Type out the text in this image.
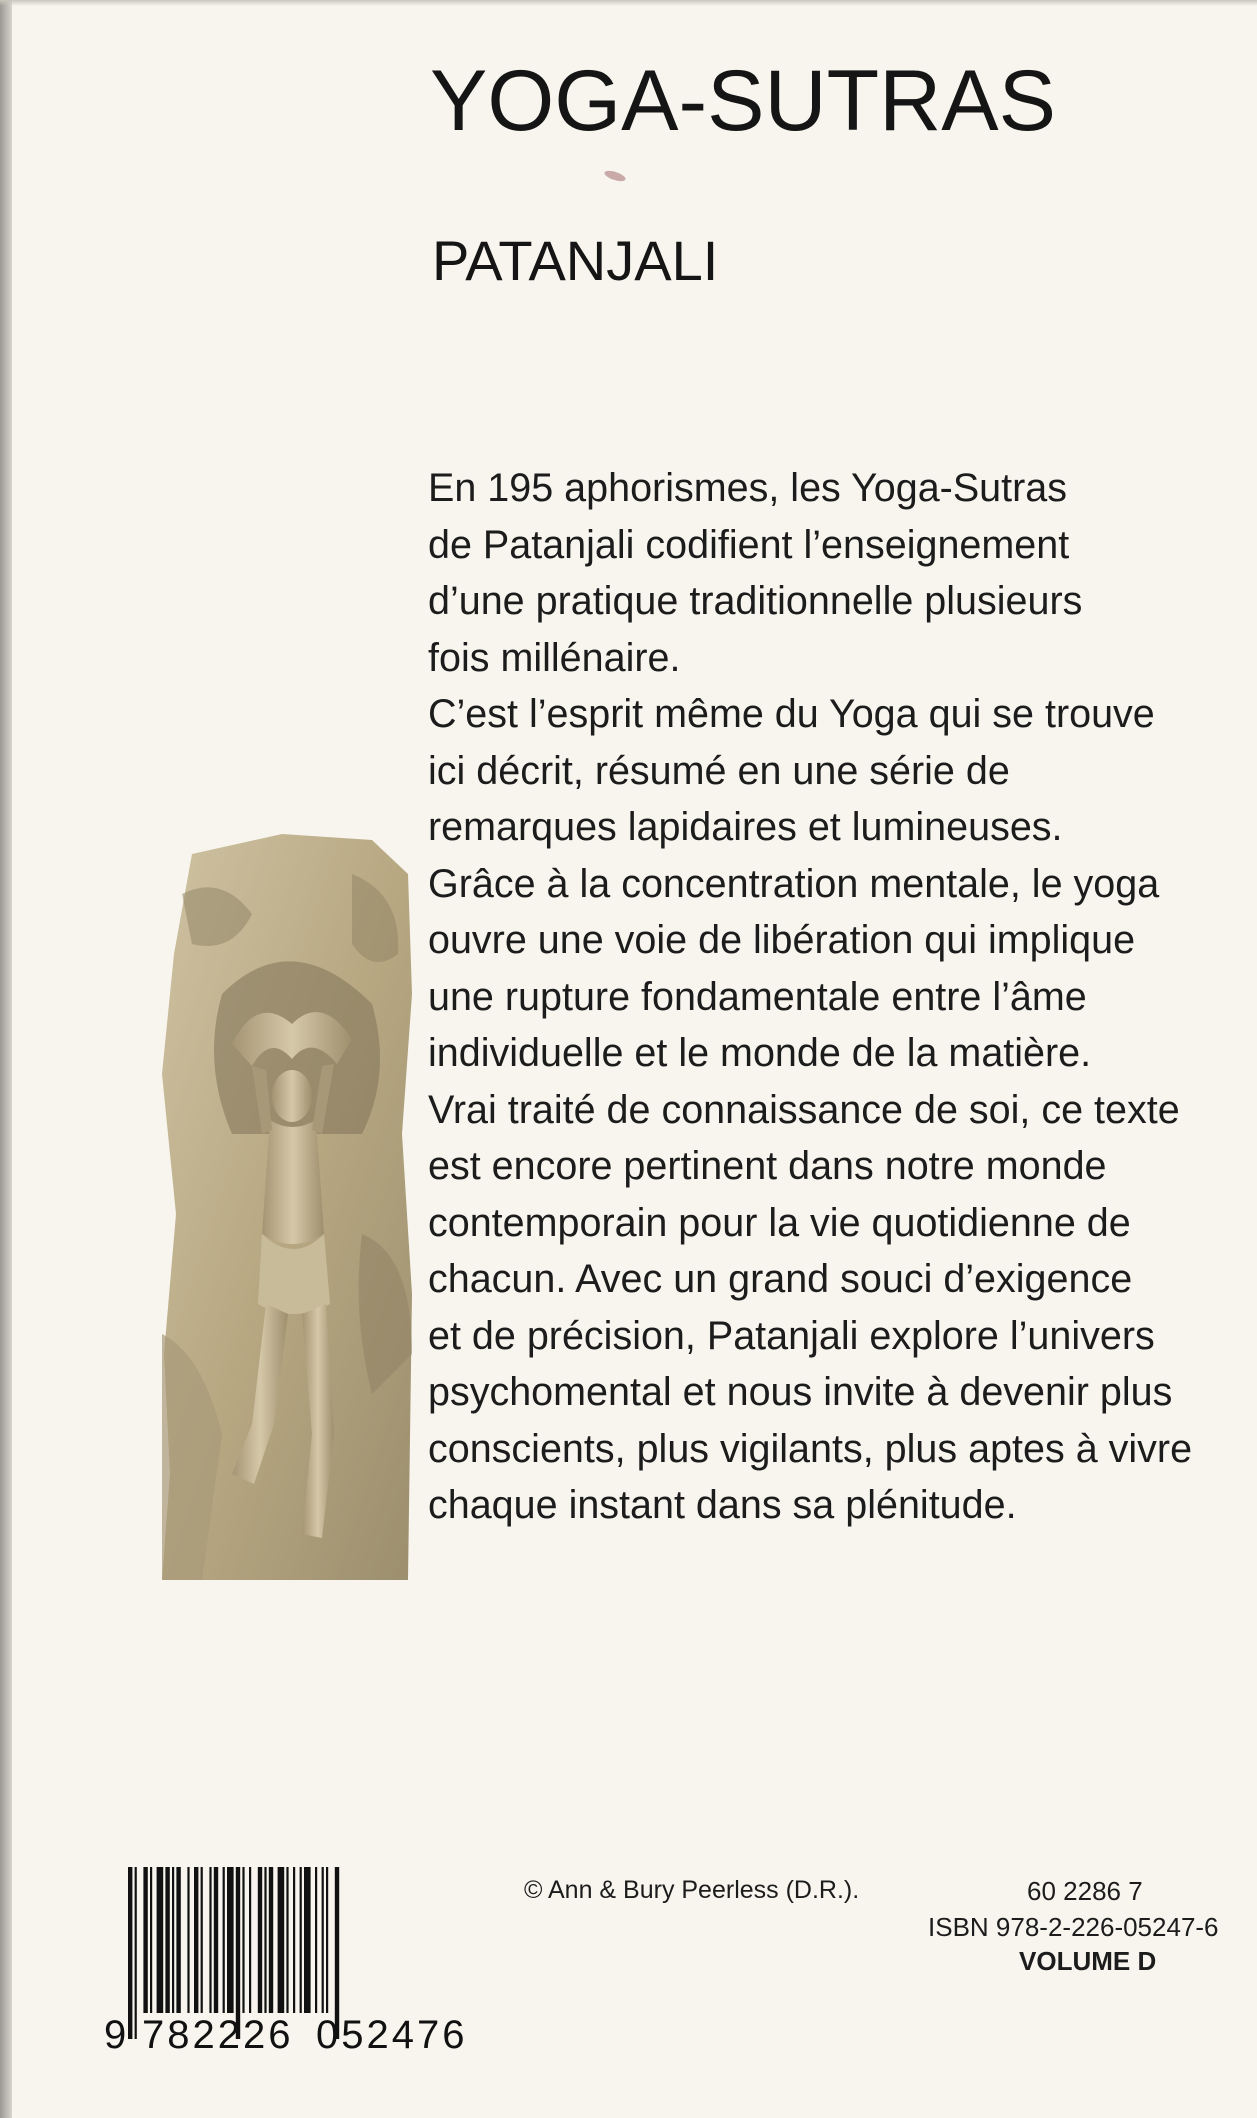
YOGA-SUTRAS
PATANJALI
En 195 aphorismes, les Yoga-Sutras
de Patanjali codifient l’enseignement
d’une pratique traditionnelle plusieurs
fois millénaire.
C’est l’esprit même du Yoga qui se trouve
ici décrit, résumé en une série de
remarques lapidaires et lumineuses.
Grâce à la concentration mentale, le yoga
ouvre une voie de libération qui implique
une rupture fondamentale entre l’âme
individuelle et le monde de la matière.
Vrai traité de connaissance de soi, ce texte
est encore pertinent dans notre monde
contemporain pour la vie quotidienne de
chacun. Avec un grand souci d’exigence
et de précision, Patanjali explore l’univers
psychomental et nous invite à devenir plus
conscients, plus vigilants, plus aptes à vivre
chaque instant dans sa plénitude.
9 782226 052476
© Ann & Bury Peerless (D.R.).	60 2286 7
ISBN 978-2-226-05247-6
VOLUME D
